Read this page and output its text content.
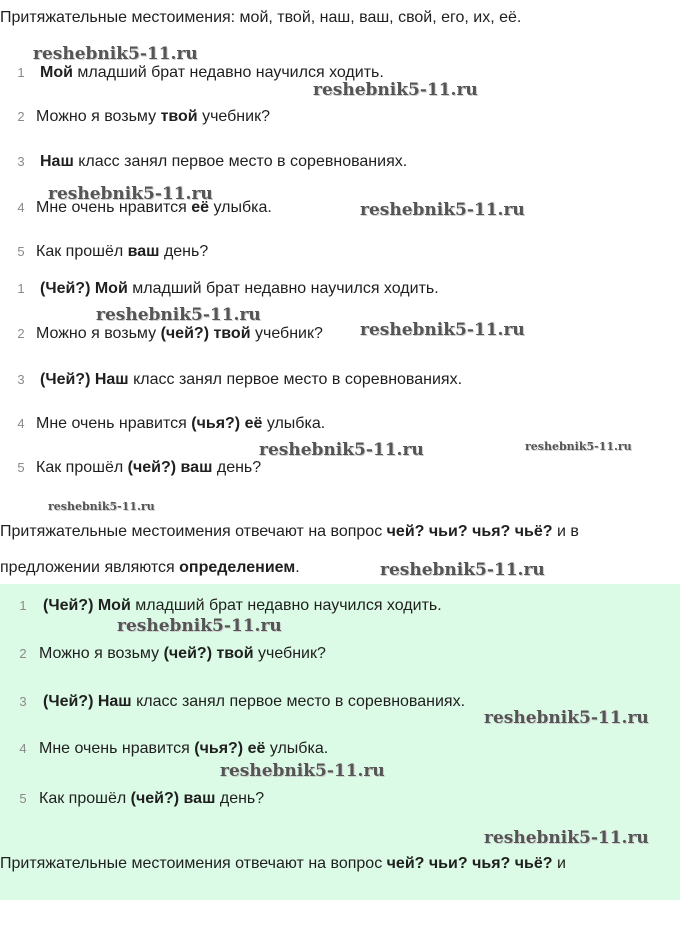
Притяжательные местоимения: мой, твой, наш, ваш, свой, его, их, её.
1 Мой младший брат недавно научился ходить.
2 Можно я возьму твой учебник?
3 Наш класс занял первое место в соревнованиях.
4 Мне очень нравится её улыбка.
5 Как прошёл ваш день?
1 (Чей?) Мой младший брат недавно научился ходить.
2 Можно я возьму (чей?) твой учебник?
3 (Чей?) Наш класс занял первое место в соревнованиях.
4 Мне очень нравится (чья?) её улыбка.
5 Как прошёл (чей?) ваш день?
Притяжательные местоимения отвечают на вопрос чей? чьи? чья? чьё? и в
предложении являются определением.
1 (Чей?) Мой младший брат недавно научился ходить.
2 Можно я возьму (чей?) твой учебник?
3 (Чей?) Наш класс занял первое место в соревнованиях.
4 Мне очень нравится (чья?) её улыбка.
5 Как прошёл (чей?) ваш день?
Притяжательные местоимения отвечают на вопрос чей? чьи? чья? чьё? и
reshebnik5-11.ru
reshebnik5-11.ru
reshebnik5-11.ru
reshebnik5-11.ru
reshebnik5-11.ru
reshebnik5-11.ru
reshebnik5-11.ru	reshebnik5-11.ru
reshebnik5-11.ru
reshebnik5-11.ru
reshebnik5-11.ru
reshebnik5-11.ru
reshebnik5-11.ru
reshebnik5-11.ru
